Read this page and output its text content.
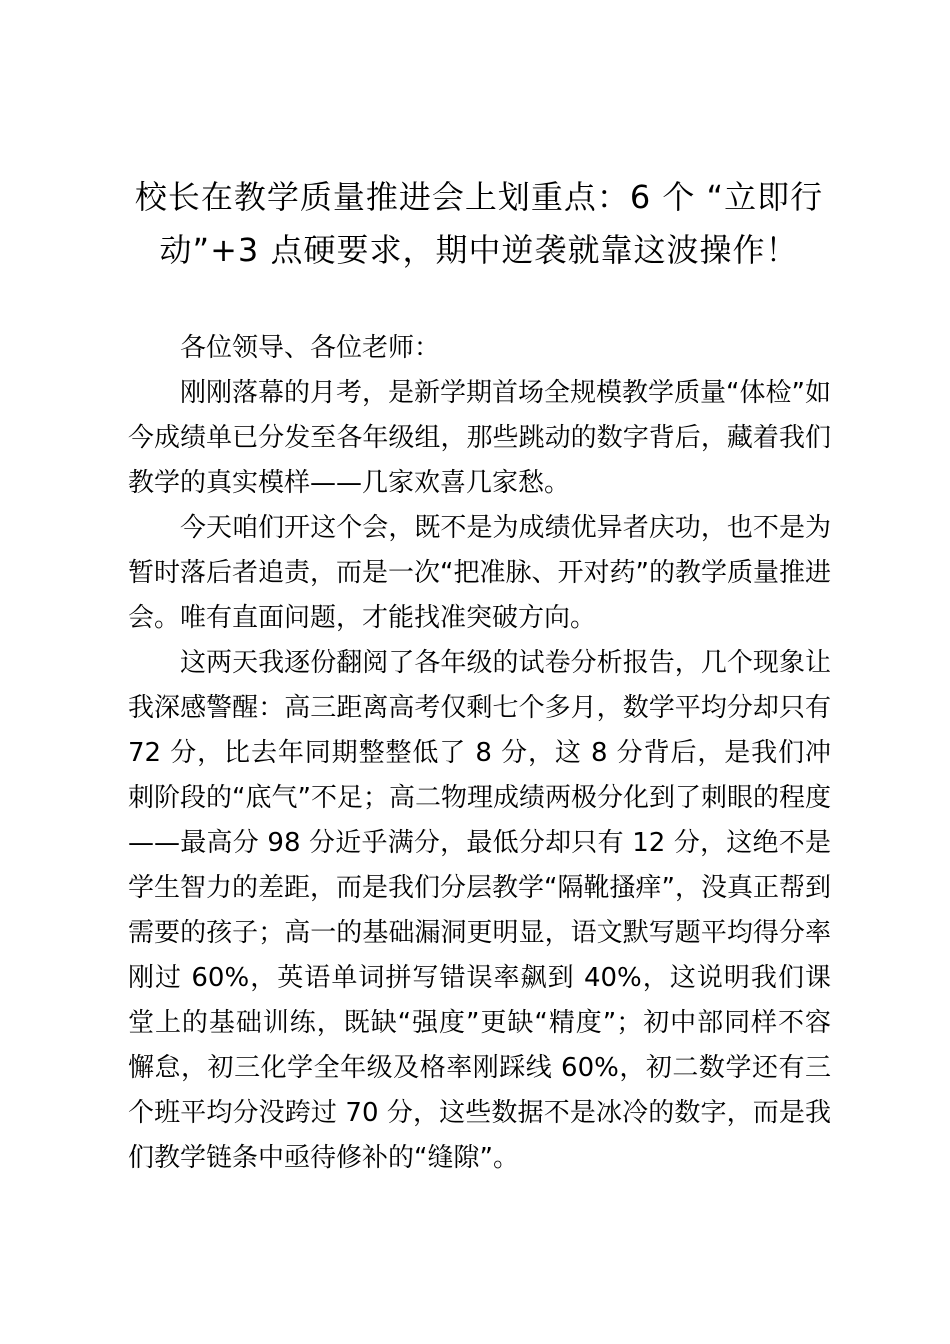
校长在教学质量推进会上划重点：6 个 “立即行动”+3 点硬要求，期中逆袭就靠这波操作！

各位领导、各位老师：

刚刚落幕的月考，是新学期首场全规模教学质量“体检”如今成绩单已分发至各年级组，那些跳动的数字背后，藏着我们教学的真实模样——几家欢喜几家愁。

今天咱们开这个会，既不是为成绩优异者庆功，也不是为暂时落后者追责，而是一次“把准脉、开对药”的教学质量推进会。唯有直面问题，才能找准突破方向。

这两天我逐份翻阅了各年级的试卷分析报告，几个现象让我深感警醒：高三距离高考仅剩七个多月，数学平均分却只有 72 分，比去年同期整整低了 8 分，这 8 分背后，是我们冲刺阶段的“底气”不足；高二物理成绩两极分化到了刺眼的程度——最高分 98 分近乎满分，最低分却只有 12 分，这绝不是学生智力的差距，而是我们分层教学“隔靴搔痒”，没真正帮到需要的孩子；高一的基础漏洞更明显，语文默写题平均得分率刚过 60%，英语单词拼写错误率飙到 40%，这说明我们课堂上的基础训练，既缺“强度”更缺“精度”；初中部同样不容懈怠，初三化学全年级及格率刚踩线 60%，初二数学还有三个班平均分没跨过 70 分，这些数据不是冰冷的数字，而是我们教学链条中亟待修补的“缝隙”。
